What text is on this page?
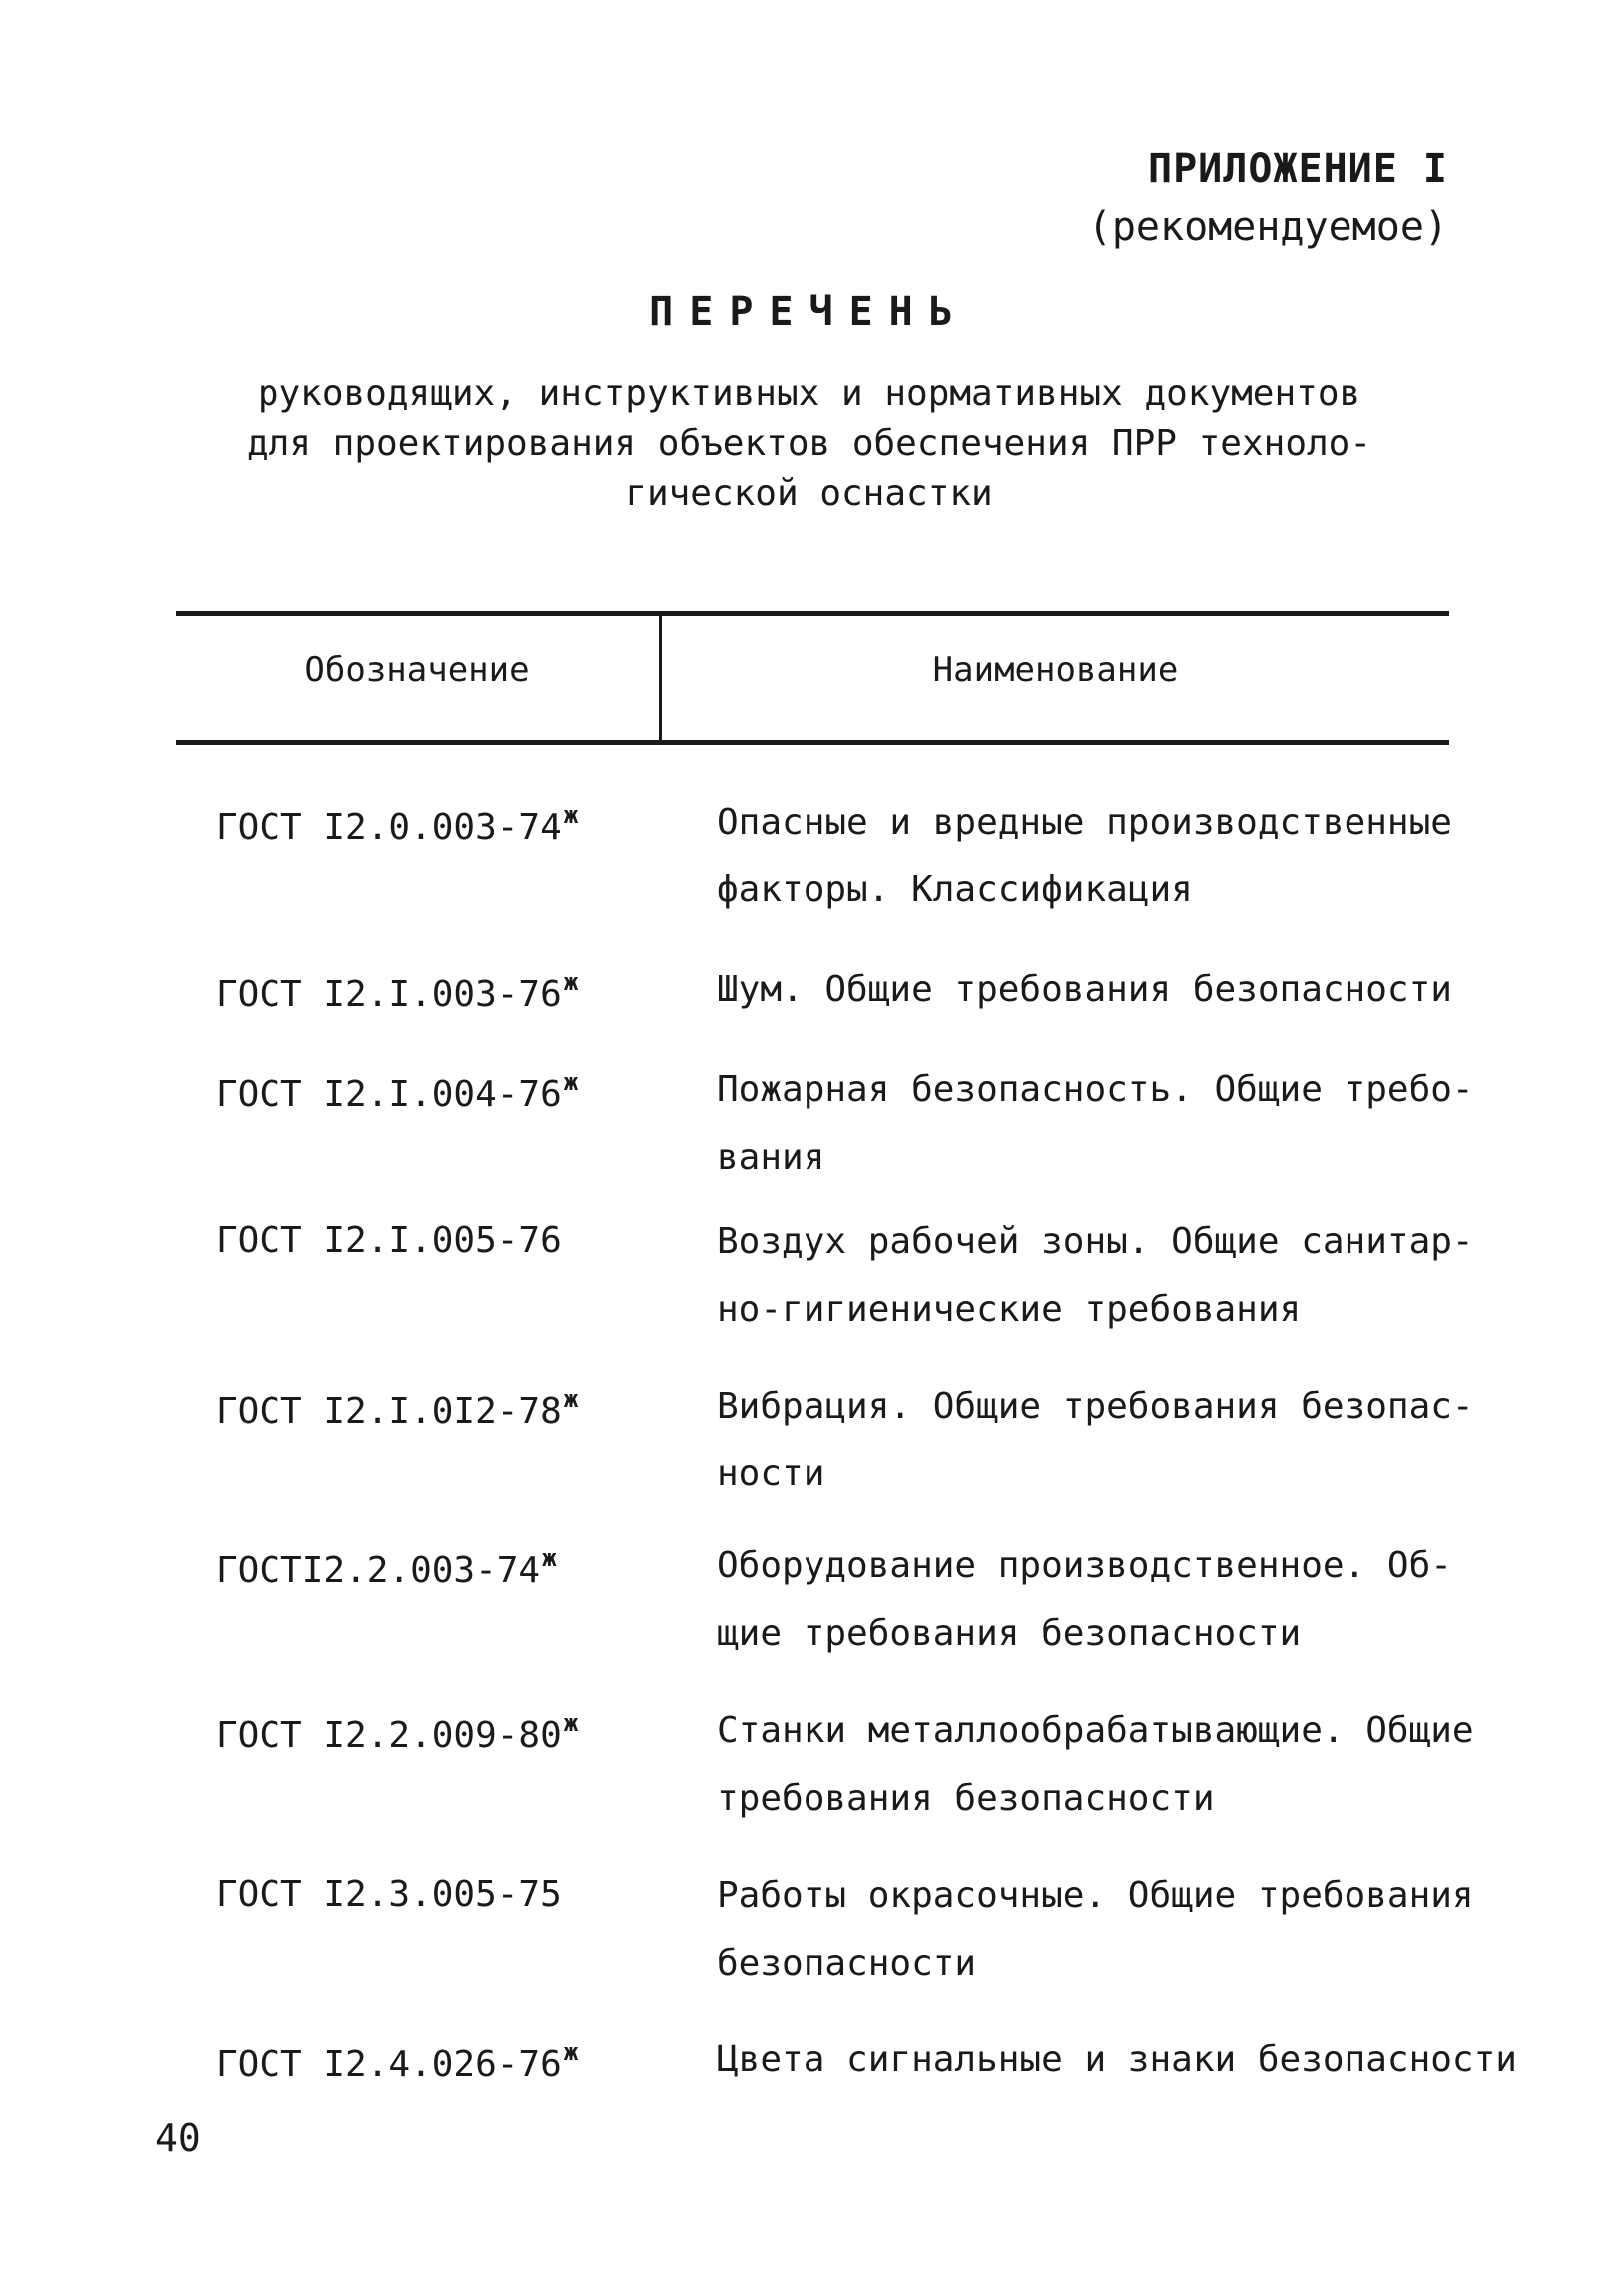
ПРИЛОЖЕНИЕ I
(рекомендуемое)
ПЕРЕЧЕНЬ
руководящих, инструктивных и нормативных документов
для проектирования объектов обеспечения ПРР техноло-
гической оснастки
Обозначение	Наименование
ГОСТ $I2.0.003-74^ж$	Опасные и вредные производственные
факторы. Классификация
ГОСТ $I2.I.003-76^ж$	Шум. Общие требования безопасности
ГОСТ $I2.I.004-76^ж$	Пожарная безопасность. Общие требо-
вания
ГОСТ I2.I.005-76	Воздух рабочей зоны. Общие санитар-
но-гигиенические требования
ГОСТ $I2.I.0I2-78^ж$	Вибрация. Общие требования безопас-
ности
$ГОСТI2.2.003-74^ж$	Оборудование производственное. Об-
щие требования безопасности
ГОСТ $I2.2.009-80^ж$	Станки металлообрабатывающие. Общие
требования безопасности
ГОСТ I2.3.005-75	Работы окрасочные. Общие требования
безопасности
ГОСТ $I2.4.026-76^ж$	Цвета сигнальные и знаки безопасности
40
